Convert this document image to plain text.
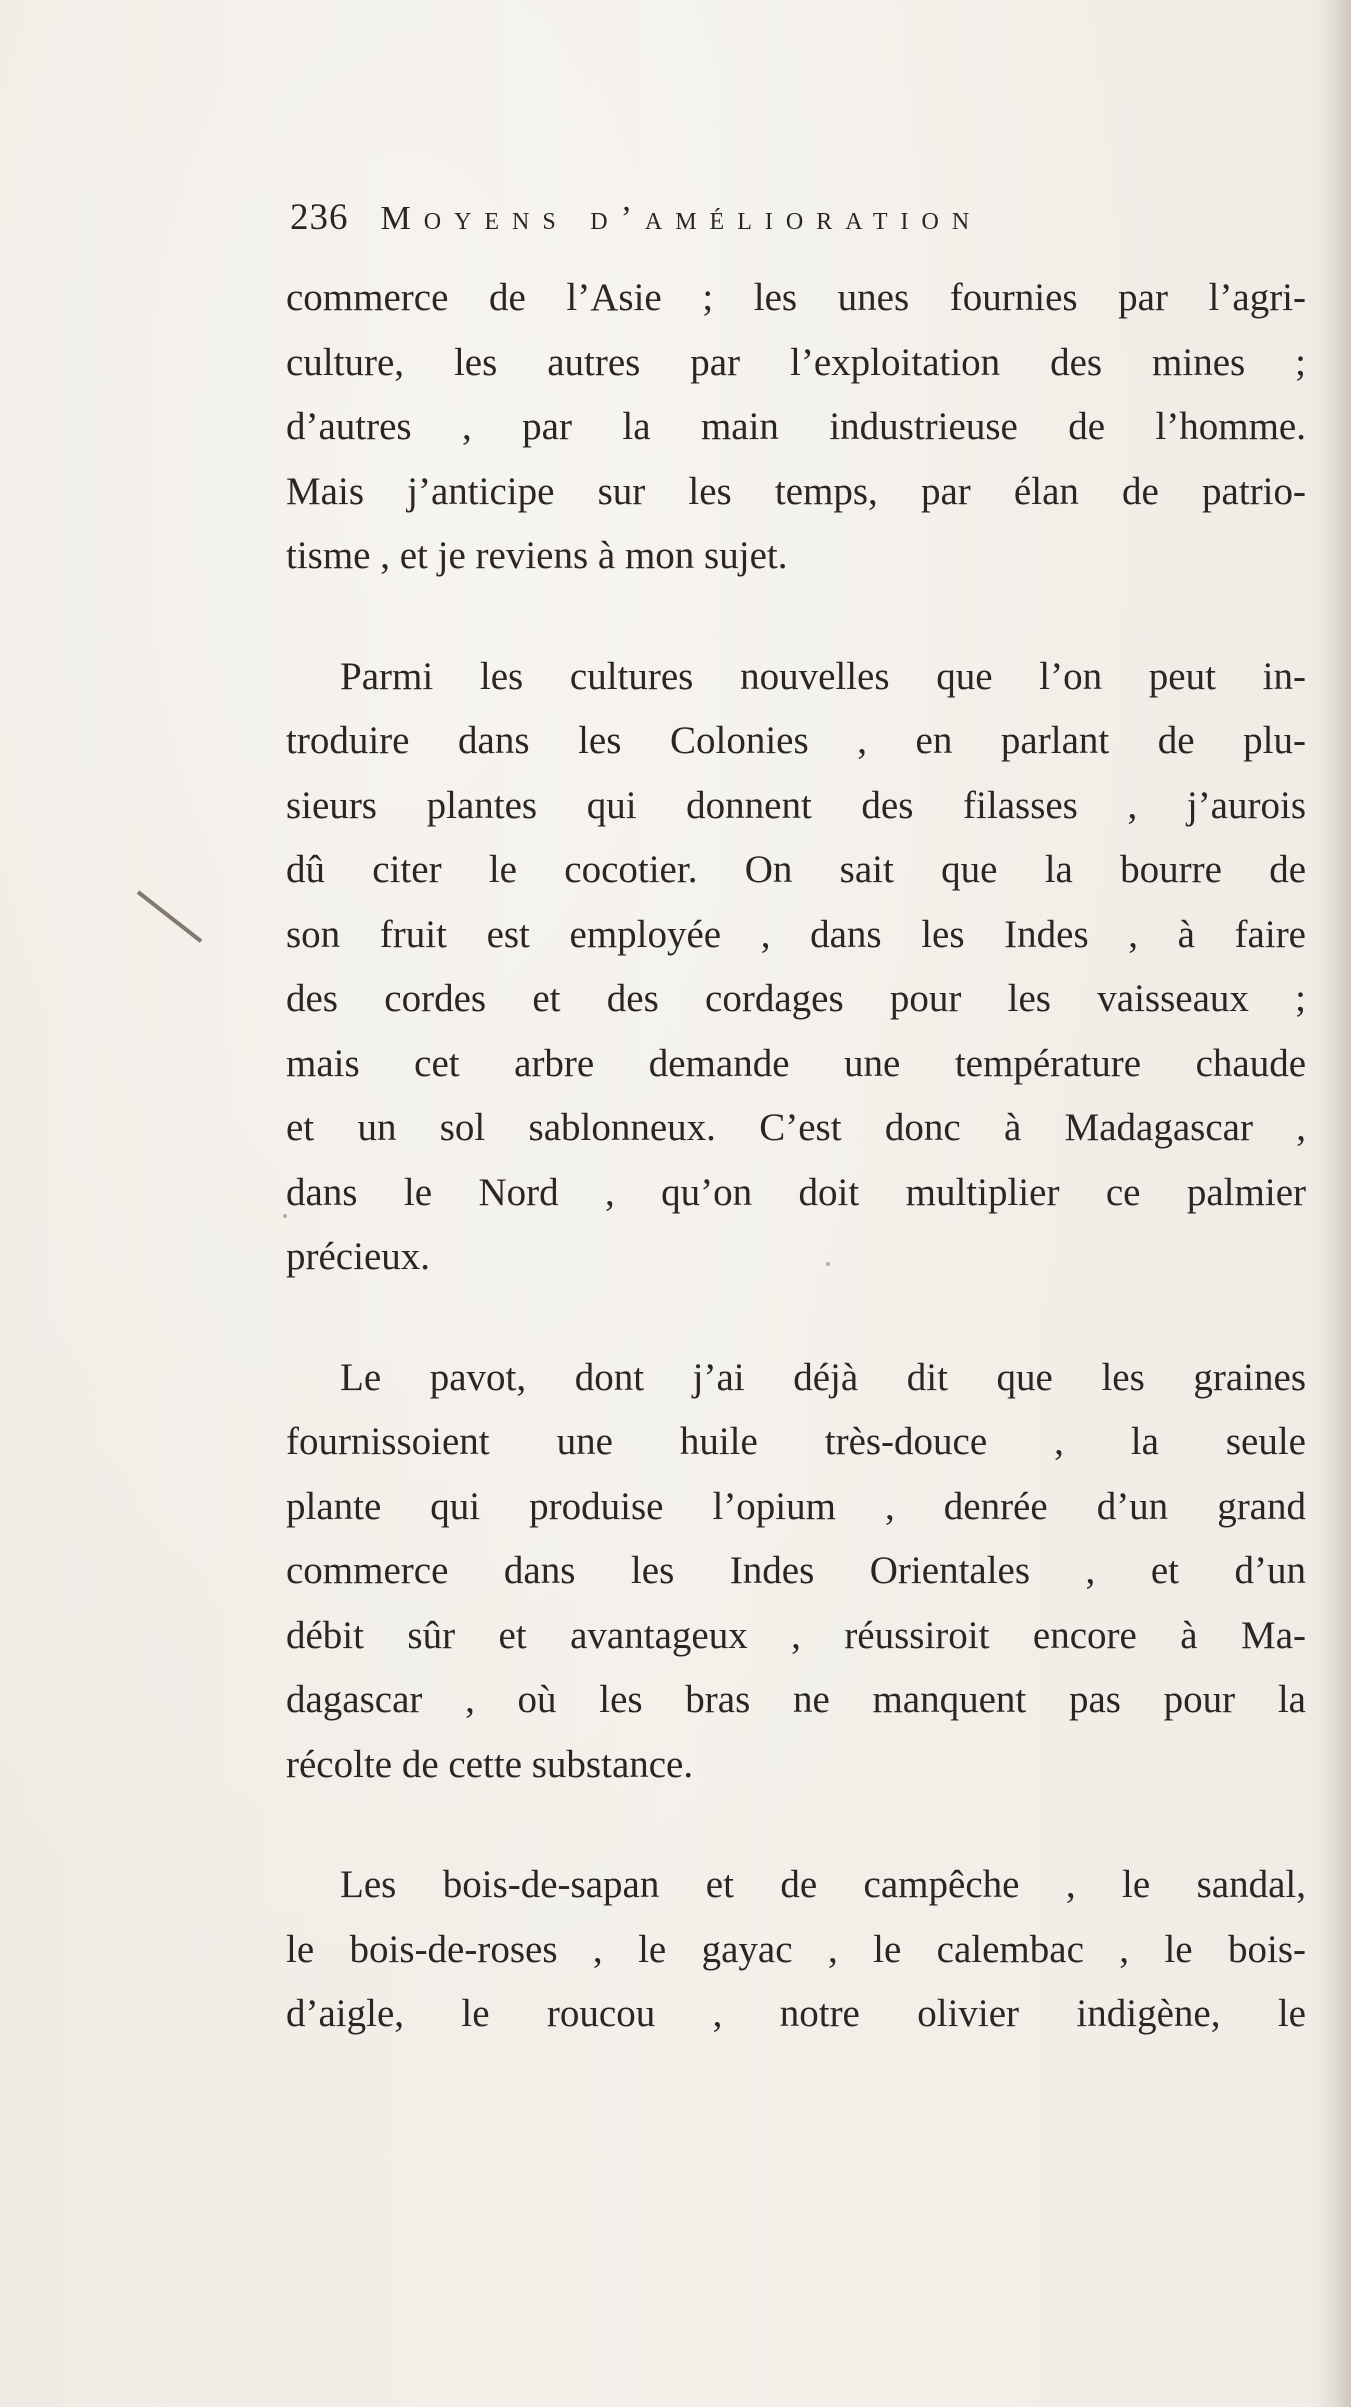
236 Moyens d’amélioration
commerce de l’Asie ; les unes fournies par l’agri-
culture, les autres par l’exploitation des mines ;
d’autres , par la main industrieuse de l’homme.
Mais j’anticipe sur les temps, par élan de patrio-
tisme , et je reviens à mon sujet.
Parmi les cultures nouvelles que l’on peut in-
troduire dans les Colonies , en parlant de plu-
sieurs plantes qui donnent des filasses , j’aurois
dû citer le cocotier. On sait que la bourre de
son fruit est employée , dans les Indes , à faire
des cordes et des cordages pour les vaisseaux ;
mais cet arbre demande une température chaude
et un sol sablonneux. C’est donc à Madagascar ,
dans le Nord , qu’on doit multiplier ce palmier
précieux.
Le pavot, dont j’ai déjà dit que les graines
fournissoient une huile très-douce , la seule
plante qui produise l’opium , denrée d’un grand
commerce dans les Indes Orientales , et d’un
débit sûr et avantageux , réussiroit encore à Ma-
dagascar , où les bras ne manquent pas pour la
récolte de cette substance.
Les bois-de-sapan et de campêche , le sandal,
le bois-de-roses , le gayac , le calembac , le bois-
d’aigle, le roucou , notre olivier indigène, le
